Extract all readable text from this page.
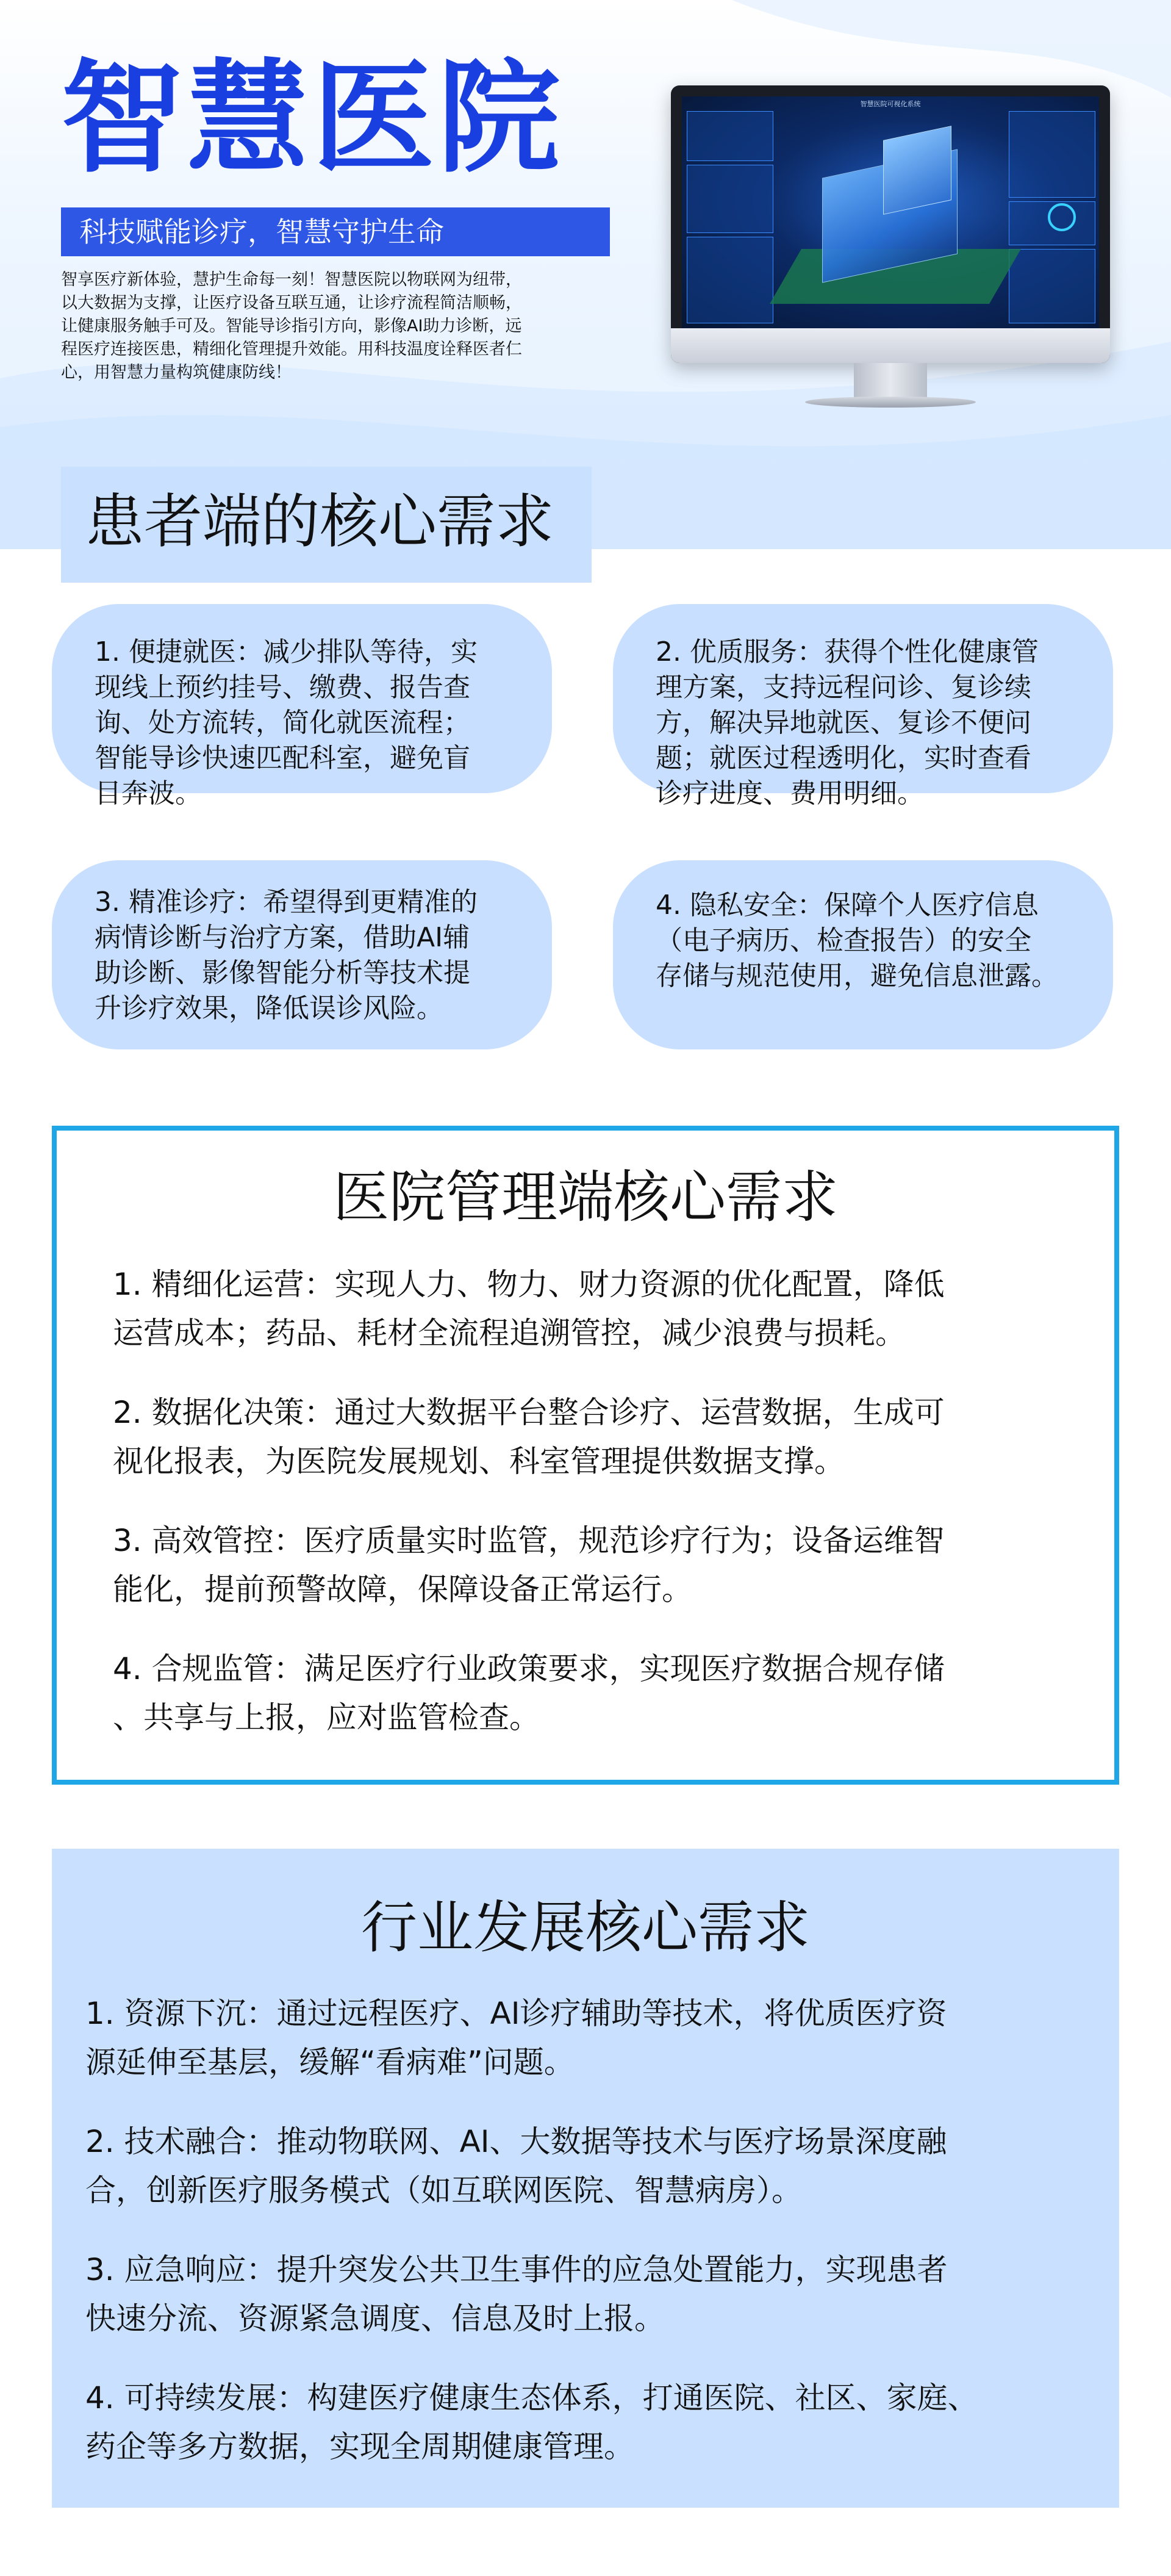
智慧医院
科技赋能诊疗，智慧守护生命
智享医疗新体验，慧护生命每一刻！智慧医院以物联网为纽带，
以大数据为支撑，让医疗设备互联互通，让诊疗流程简洁顺畅，
让健康服务触手可及。智能导诊指引方向，影像AI助力诊断，远
程医疗连接医患，精细化管理提升效能。用科技温度诠释医者仁
心，用智慧力量构筑健康防线！
智慧医院可视化系统
患者端的核心需求
1. 便捷就医：减少排队等待，实
现线上预约挂号、缴费、报告查
询、处方流转，简化就医流程；
智能导诊快速匹配科室，避免盲
目奔波。
2. 优质服务：获得个性化健康管
理方案，支持远程问诊、复诊续
方，解决异地就医、复诊不便问
题；就医过程透明化，实时查看
诊疗进度、费用明细。
3. 精准诊疗：希望得到更精准的
病情诊断与治疗方案，借助AI辅
助诊断、影像智能分析等技术提
升诊疗效果，降低误诊风险。
4. 隐私安全：保障个人医疗信息
（电子病历、检查报告）的安全
存储与规范使用，避免信息泄露。
医院管理端核心需求
1. 精细化运营：实现人力、物力、财力资源的优化配置，降低
运营成本；药品、耗材全流程追溯管控，减少浪费与损耗。
2. 数据化决策：通过大数据平台整合诊疗、运营数据，生成可
视化报表，为医院发展规划、科室管理提供数据支撑。
3. 高效管控：医疗质量实时监管，规范诊疗行为；设备运维智
能化，提前预警故障，保障设备正常运行。
4. 合规监管：满足医疗行业政策要求，实现医疗数据合规存储
、共享与上报，应对监管检查。
行业发展核心需求
1. 资源下沉：通过远程医疗、AI诊疗辅助等技术，将优质医疗资
源延伸至基层，缓解“看病难”问题。
2. 技术融合：推动物联网、AI、大数据等技术与医疗场景深度融
合，创新医疗服务模式（如互联网医院、智慧病房）。
3. 应急响应：提升突发公共卫生事件的应急处置能力，实现患者
快速分流、资源紧急调度、信息及时上报。
4. 可持续发展：构建医疗健康生态体系，打通医院、社区、家庭、
药企等多方数据，实现全周期健康管理。
